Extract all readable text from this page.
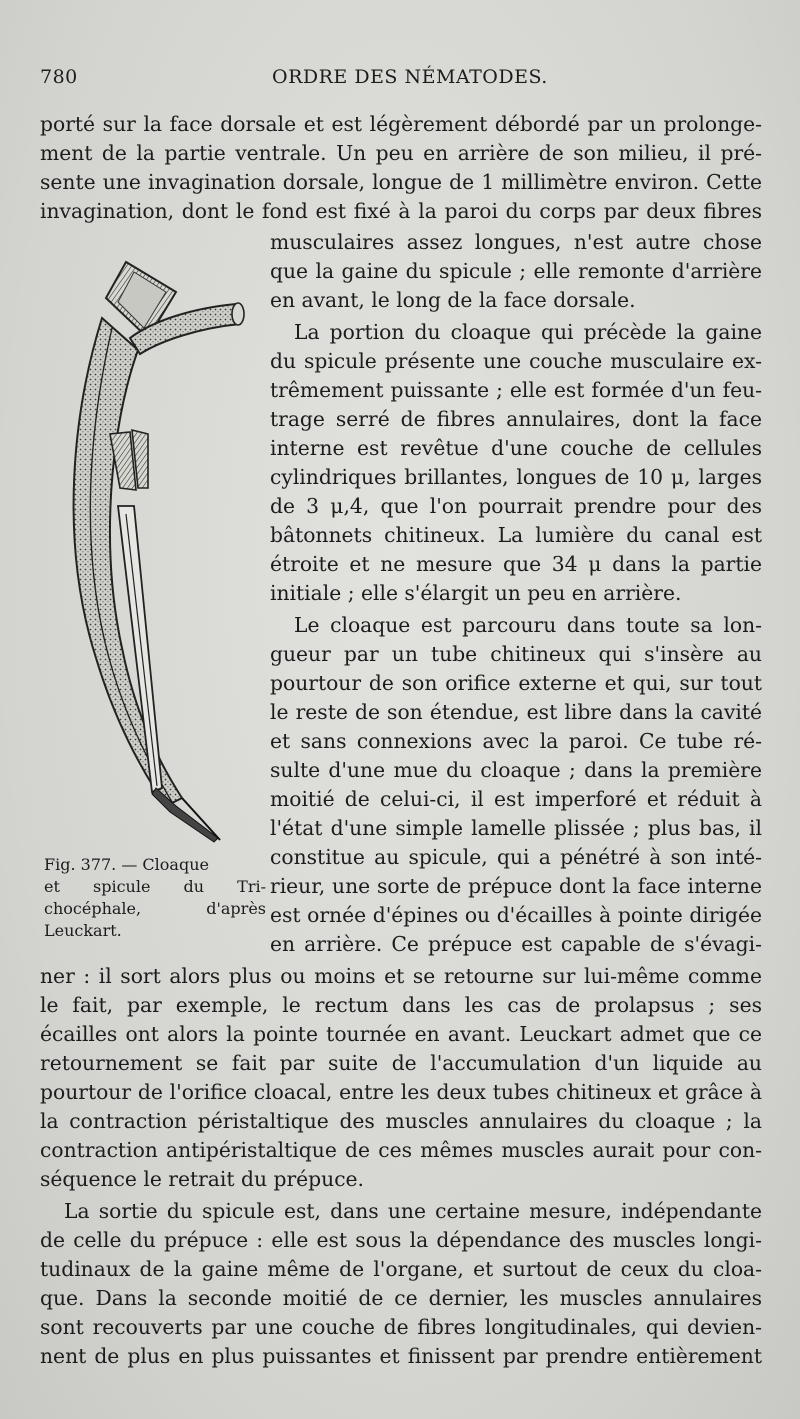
780	ORDRE DES NÉMATODES.
porté sur la face dorsale et est légèrement débordé par un prolonge-
ment de la partie ventrale. Un peu en arrière de son milieu, il pré-
sente une invagination dorsale, longue de 1 millimètre environ. Cette
invagination, dont le fond est fixé à la paroi du corps par deux fibres
musculaires assez longues, n'est autre chose
que la gaine du spicule ; elle remonte d'arrière
en avant, le long de la face dorsale.
La portion du cloaque qui précède la gaine
du spicule présente une couche musculaire ex-
trêmement puissante ; elle est formée d'un feu-
trage serré de fibres annulaires, dont la face
interne est revêtue d'une couche de cellules
cylindriques brillantes, longues de 10 μ, larges
de 3 μ,4, que l'on pourrait prendre pour des
bâtonnets chitineux. La lumière du canal est
étroite et ne mesure que 34 μ dans la partie
initiale ; elle s'élargit un peu en arrière.
Le cloaque est parcouru dans toute sa lon-
gueur par un tube chitineux qui s'insère au
pourtour de son orifice externe et qui, sur tout
le reste de son étendue, est libre dans la cavité
et sans connexions avec la paroi. Ce tube ré-
sulte d'une mue du cloaque ; dans la première
moitié de celui-ci, il est imperforé et réduit à
l'état d'une simple lamelle plissée ; plus bas, il
constitue au spicule, qui a pénétré à son inté-
rieur, une sorte de prépuce dont la face interne
est ornée d'épines ou d'écailles à pointe dirigée
en arrière. Ce prépuce est capable de s'évagi-
ner : il sort alors plus ou moins et se retourne sur lui-même comme
le fait, par exemple, le rectum dans les cas de prolapsus ; ses
écailles ont alors la pointe tournée en avant. Leuckart admet que ce
retournement se fait par suite de l'accumulation d'un liquide au
pourtour de l'orifice cloacal, entre les deux tubes chitineux et grâce à
la contraction péristaltique des muscles annulaires du cloaque ; la
contraction antipéristaltique de ces mêmes muscles aurait pour con-
séquence le retrait du prépuce.
La sortie du spicule est, dans une certaine mesure, indépendante
de celle du prépuce : elle est sous la dépendance des muscles longi-
tudinaux de la gaine même de l'organe, et surtout de ceux du cloa-
que. Dans la seconde moitié de ce dernier, les muscles annulaires
sont recouverts par une couche de fibres longitudinales, qui devien-
nent de plus en plus puissantes et finissent par prendre entièrement
Fig. 377. — Cloaque
et spicule du Tri-
chocéphale, d'après
Leuckart.
